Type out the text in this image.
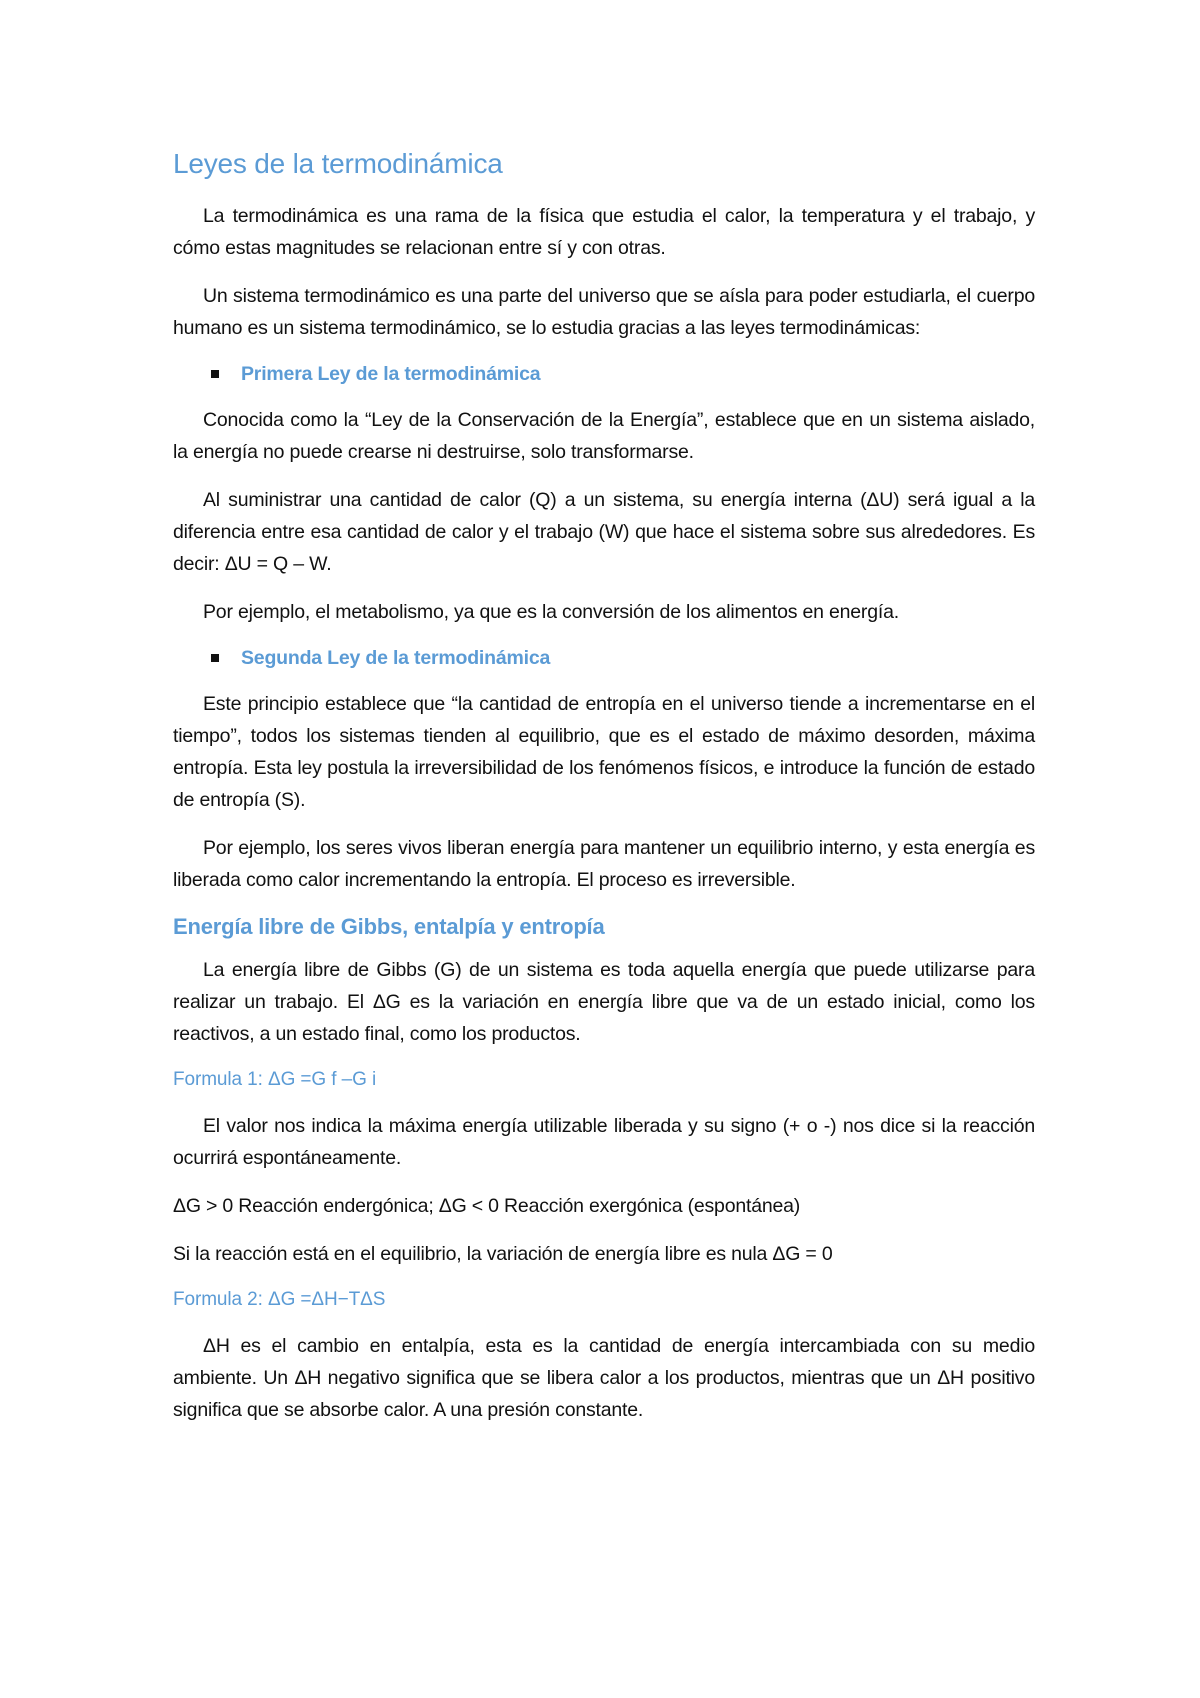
Leyes de la termodinámica

La termodinámica es una rama de la física que estudia el calor, la temperatura y el trabajo, y cómo estas magnitudes se relacionan entre sí y con otras.

Un sistema termodinámico es una parte del universo que se aísla para poder estudiarla, el cuerpo humano es un sistema termodinámico, se lo estudia gracias a las leyes termodinámicas:

Primera Ley de la termodinámica

Conocida como la “Ley de la Conservación de la Energía”, establece que en un sistema aislado, la energía no puede crearse ni destruirse, solo transformarse.

Al suministrar una cantidad de calor (Q) a un sistema, su energía interna (ΔU) será igual a la diferencia entre esa cantidad de calor y el trabajo (W) que hace el sistema sobre sus alrededores. Es decir: ΔU = Q – W.

Por ejemplo, el metabolismo, ya que es la conversión de los alimentos en energía.

Segunda Ley de la termodinámica

Este principio establece que “la cantidad de entropía en el universo tiende a incrementarse en el tiempo”, todos los sistemas tienden al equilibrio, que es el estado de máximo desorden, máxima entropía. Esta ley postula la irreversibilidad de los fenómenos físicos, e introduce la función de estado de entropía (S).

Por ejemplo, los seres vivos liberan energía para mantener un equilibrio interno, y esta energía es liberada como calor incrementando la entropía. El proceso es irreversible.

Energía libre de Gibbs, entalpía y entropía

La energía libre de Gibbs (G) de un sistema es toda aquella energía que puede utilizarse para realizar un trabajo. El ΔG es la variación en energía libre que va de un estado inicial, como los reactivos, a un estado final, como los productos.

Formula 1: ΔG =G f –G i

El valor nos indica la máxima energía utilizable liberada y su signo (+ o -) nos dice si la reacción ocurrirá espontáneamente.

ΔG > 0 Reacción endergónica; ΔG < 0 Reacción exergónica (espontánea)

Si la reacción está en el equilibrio, la variación de energía libre es nula ΔG = 0

Formula 2: ΔG =ΔH−TΔS

ΔH es el cambio en entalpía, esta es la cantidad de energía intercambiada con su medio ambiente. Un ΔH negativo significa que se libera calor a los productos, mientras que un ΔH positivo significa que se absorbe calor. A una presión constante.
